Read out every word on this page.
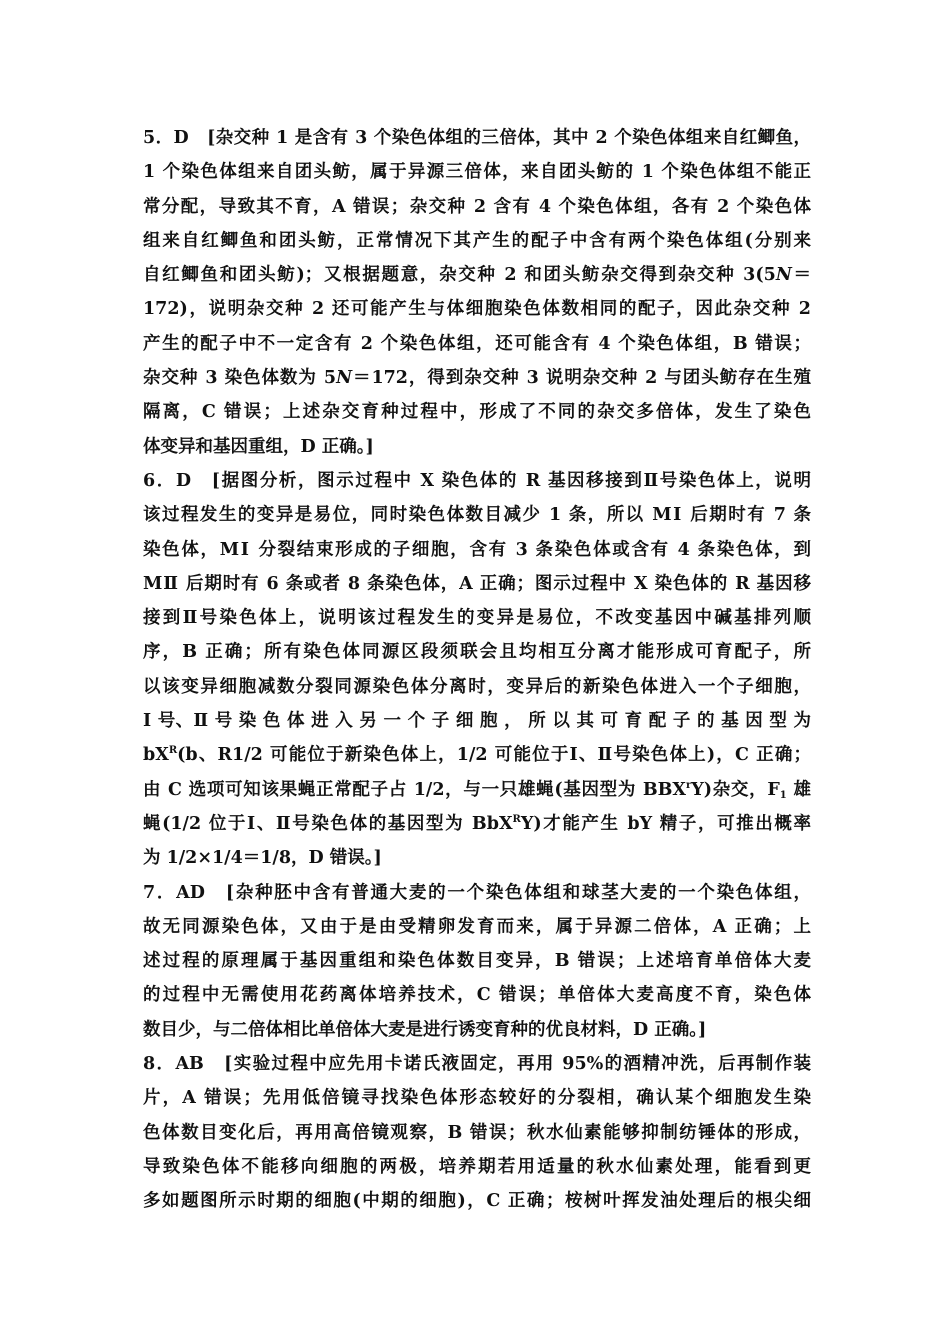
5．D　[杂交种 1 是含有 3 个染色体组的三倍体，其中 2 个染色体组来自红鲫鱼，
1 个染色体组来自团头鲂，属于异源三倍体，来自团头鲂的 1 个染色体组不能正
常分配，导致其不育，A 错误；杂交种 2 含有 4 个染色体组，各有 2 个染色体
组来自红鲫鱼和团头鲂，正常情况下其产生的配子中含有两个染色体组(分别来
自红鲫鱼和团头鲂)；又根据题意，杂交种 2 和团头鲂杂交得到杂交种 3(5N＝
172)，说明杂交种 2 还可能产生与体细胞染色体数相同的配子，因此杂交种 2
产生的配子中不一定含有 2 个染色体组，还可能含有 4 个染色体组，B 错误；
杂交种 3 染色体数为 5N＝172，得到杂交种 3 说明杂交种 2 与团头鲂存在生殖
隔离，C 错误；上述杂交育种过程中，形成了不同的杂交多倍体，发生了染色
体变异和基因重组，D 正确。]
6．D　[据图分析，图示过程中 X 染色体的 R 基因移接到Ⅱ号染色体上，说明
该过程发生的变异是易位，同时染色体数目减少 1 条，所以 MⅠ 后期时有 7 条
染色体，MⅠ 分裂结束形成的子细胞，含有 3 条染色体或含有 4 条染色体，到
MⅡ 后期时有 6 条或者 8 条染色体，A 正确；图示过程中 X 染色体的 R 基因移
接到Ⅱ号染色体上，说明该过程发生的变异是易位，不改变基因中碱基排列顺
序，B 正确；所有染色体同源区段须联会且均相互分离才能形成可育配子，所
以该变异细胞减数分裂同源染色体分离时，变异后的新染色体进入一个子细胞，
Ⅰ 号、Ⅱ 号 染 色 体 进 入 另 一 个 子 细 胞 ， 所 以 其 可 育 配 子 的 基 因 型 为
$bX^R(b$、R1/2 可能位于新染色体上，1/2 可能位于Ⅰ、Ⅱ号染色体上)，C 正确；
由 C 选项可知该果蝇正常配子占 1/2，与一只雄蝇(基因型为 BBX$^r$Y)杂交，$F_1$ 雄
蝇(1/2 位于Ⅰ、Ⅱ号染色体的基因型为 BbX$^R$Y)才能产生 bY 精子，可推出概率
为 1/2×1/4＝1/8，D 错误。]
7．AD　[杂种胚中含有普通大麦的一个染色体组和球茎大麦的一个染色体组，
故无同源染色体，又由于是由受精卵发育而来，属于异源二倍体，A 正确；上
述过程的原理属于基因重组和染色体数目变异，B 错误；上述培育单倍体大麦
的过程中无需使用花药离体培养技术，C 错误；单倍体大麦高度不育，染色体
数目少，与二倍体相比单倍体大麦是进行诱变育种的优良材料，D 正确。]
8．AB　[实验过程中应先用卡诺氏液固定，再用 95%的酒精冲洗，后再制作装
片，A 错误；先用低倍镜寻找染色体形态较好的分裂相，确认某个细胞发生染
色体数目变化后，再用高倍镜观察，B 错误；秋水仙素能够抑制纺锤体的形成，
导致染色体不能移向细胞的两极，培养期若用适量的秋水仙素处理，能看到更
多如题图所示时期的细胞(中期的细胞)，C 正确；桉树叶挥发油处理后的根尖细
